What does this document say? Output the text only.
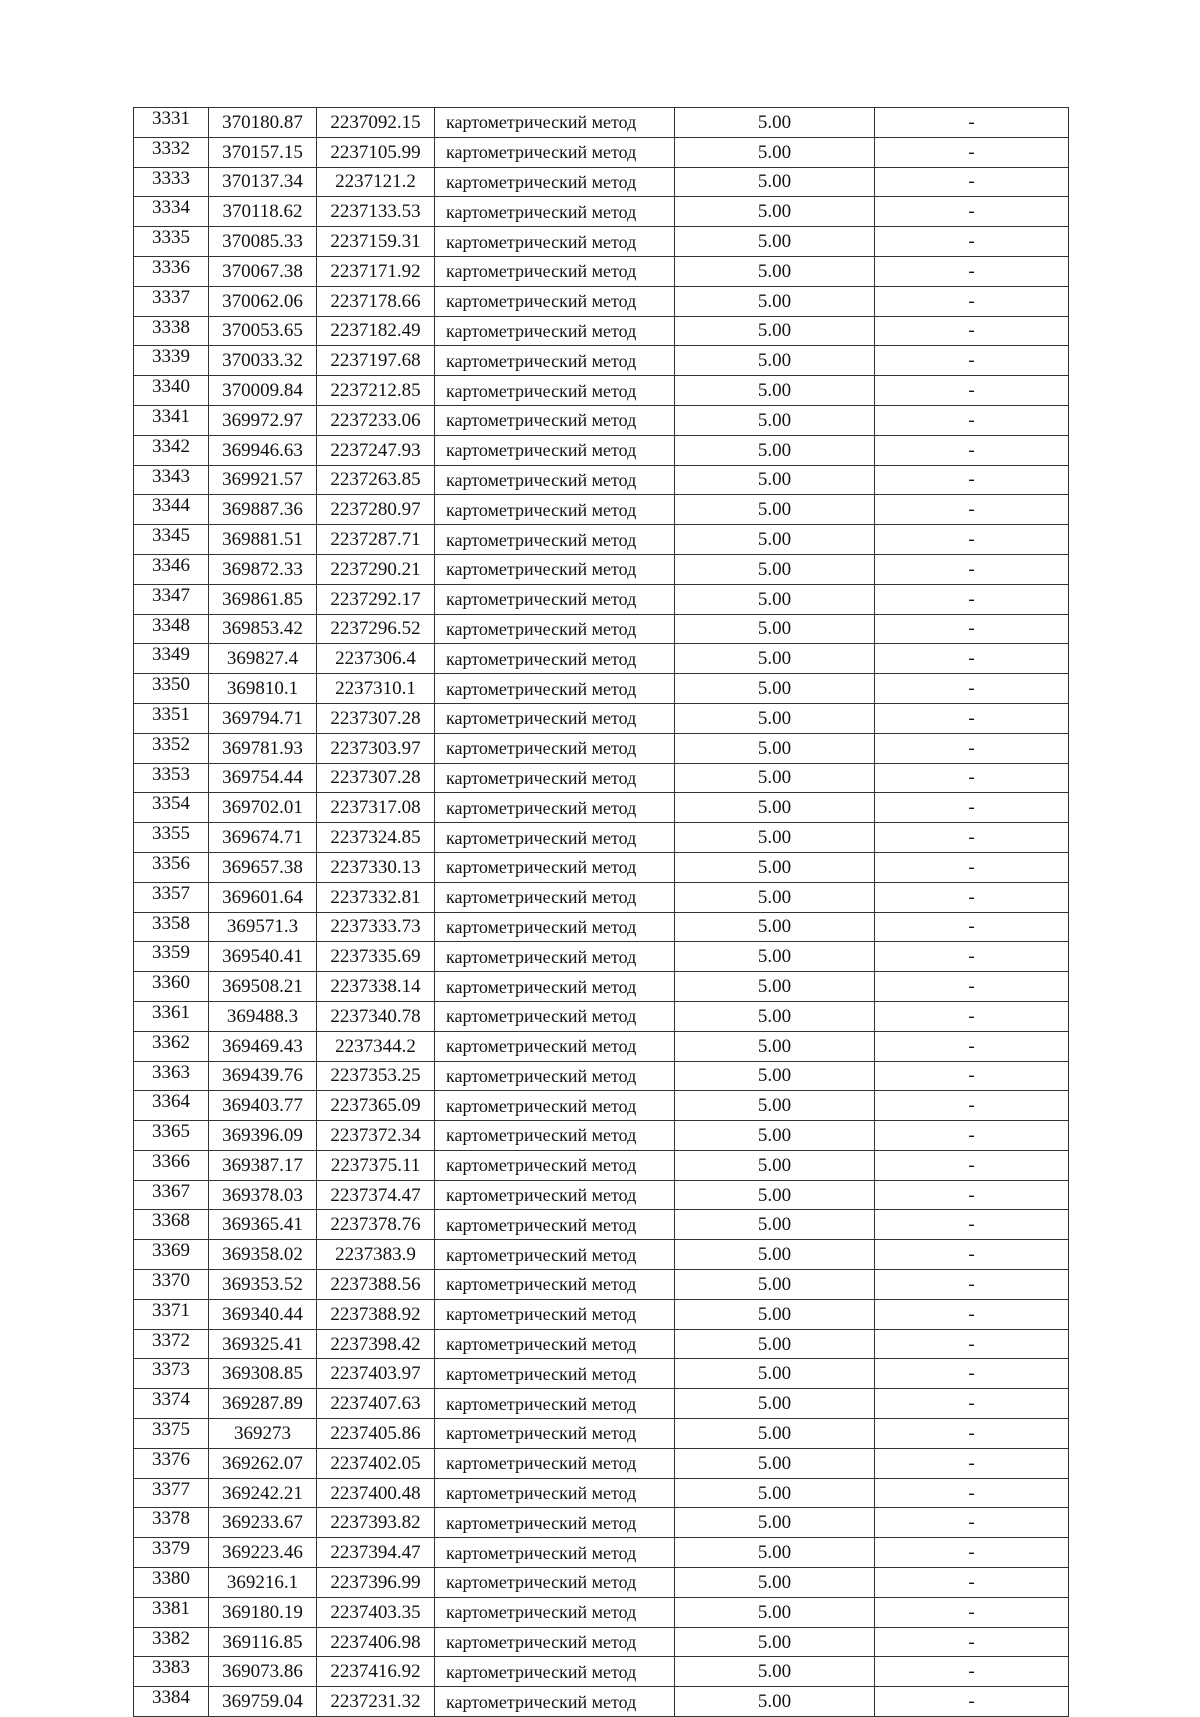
3331	370180.87	2237092.15	картометрический метод	5.00	-
3332	370157.15	2237105.99	картометрический метод	5.00	-
3333	370137.34	2237121.2	картометрический метод	5.00	-
3334	370118.62	2237133.53	картометрический метод	5.00	-
3335	370085.33	2237159.31	картометрический метод	5.00	-
3336	370067.38	2237171.92	картометрический метод	5.00	-
3337	370062.06	2237178.66	картометрический метод	5.00	-
3338	370053.65	2237182.49	картометрический метод	5.00	-
3339	370033.32	2237197.68	картометрический метод	5.00	-
3340	370009.84	2237212.85	картометрический метод	5.00	-
3341	369972.97	2237233.06	картометрический метод	5.00	-
3342	369946.63	2237247.93	картометрический метод	5.00	-
3343	369921.57	2237263.85	картометрический метод	5.00	-
3344	369887.36	2237280.97	картометрический метод	5.00	-
3345	369881.51	2237287.71	картометрический метод	5.00	-
3346	369872.33	2237290.21	картометрический метод	5.00	-
3347	369861.85	2237292.17	картометрический метод	5.00	-
3348	369853.42	2237296.52	картометрический метод	5.00	-
3349	369827.4	2237306.4	картометрический метод	5.00	-
3350	369810.1	2237310.1	картометрический метод	5.00	-
3351	369794.71	2237307.28	картометрический метод	5.00	-
3352	369781.93	2237303.97	картометрический метод	5.00	-
3353	369754.44	2237307.28	картометрический метод	5.00	-
3354	369702.01	2237317.08	картометрический метод	5.00	-
3355	369674.71	2237324.85	картометрический метод	5.00	-
3356	369657.38	2237330.13	картометрический метод	5.00	-
3357	369601.64	2237332.81	картометрический метод	5.00	-
3358	369571.3	2237333.73	картометрический метод	5.00	-
3359	369540.41	2237335.69	картометрический метод	5.00	-
3360	369508.21	2237338.14	картометрический метод	5.00	-
3361	369488.3	2237340.78	картометрический метод	5.00	-
3362	369469.43	2237344.2	картометрический метод	5.00	-
3363	369439.76	2237353.25	картометрический метод	5.00	-
3364	369403.77	2237365.09	картометрический метод	5.00	-
3365	369396.09	2237372.34	картометрический метод	5.00	-
3366	369387.17	2237375.11	картометрический метод	5.00	-
3367	369378.03	2237374.47	картометрический метод	5.00	-
3368	369365.41	2237378.76	картометрический метод	5.00	-
3369	369358.02	2237383.9	картометрический метод	5.00	-
3370	369353.52	2237388.56	картометрический метод	5.00	-
3371	369340.44	2237388.92	картометрический метод	5.00	-
3372	369325.41	2237398.42	картометрический метод	5.00	-
3373	369308.85	2237403.97	картометрический метод	5.00	-
3374	369287.89	2237407.63	картометрический метод	5.00	-
3375	369273	2237405.86	картометрический метод	5.00	-
3376	369262.07	2237402.05	картометрический метод	5.00	-
3377	369242.21	2237400.48	картометрический метод	5.00	-
3378	369233.67	2237393.82	картометрический метод	5.00	-
3379	369223.46	2237394.47	картометрический метод	5.00	-
3380	369216.1	2237396.99	картометрический метод	5.00	-
3381	369180.19	2237403.35	картометрический метод	5.00	-
3382	369116.85	2237406.98	картометрический метод	5.00	-
3383	369073.86	2237416.92	картометрический метод	5.00	-
3384	369759.04	2237231.32	картометрический метод	5.00	-
